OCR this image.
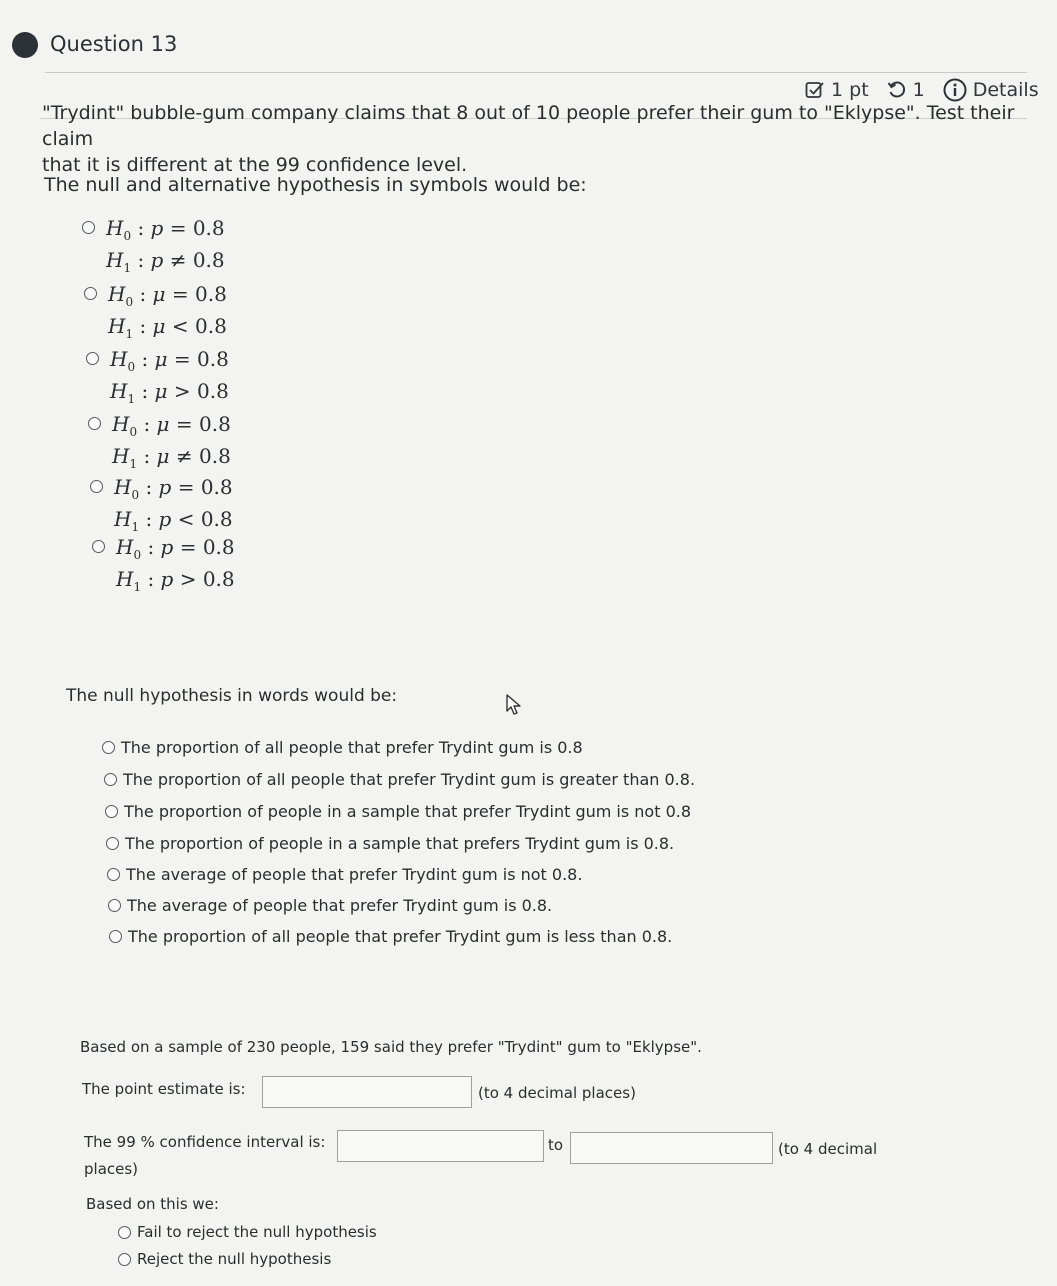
Question 13
1 pt 1	Details
"Trydint" bubble-gum company claims that 8 out of 10 people prefer their gum to "Eklypse". Test their claim
that it is different at the 99 confidence level.
The null and alternative hypothesis in symbols would be:
$H_0$ : p = 0.8
$H_1$ : p ≠ 0.8
$H_0$ : μ = 0.8
$H_1$ : μ < 0.8
$H_0$ : μ = 0.8
$H_1$ : μ > 0.8
$H_0$ : μ = 0.8
$H_1$ : μ ≠ 0.8
$H_0$ : p = 0.8
$H_1$ : p < 0.8
$H_0$ : p = 0.8
$H_1$ : p > 0.8
The null hypothesis in words would be:
The proportion of all people that prefer Trydint gum is 0.8
The proportion of all people that prefer Trydint gum is greater than 0.8.
The proportion of people in a sample that prefer Trydint gum is not 0.8
The proportion of people in a sample that prefers Trydint gum is 0.8.
The average of people that prefer Trydint gum is not 0.8.
The average of people that prefer Trydint gum is 0.8.
The proportion of all people that prefer Trydint gum is less than 0.8.
Based on a sample of 230 people, 159 said they prefer "Trydint" gum to "Eklypse".
The point estimate is:	(to 4 decimal places)
The 99 % confidence interval is:	to	(to 4 decimal
places)
Based on this we:
Fail to reject the null hypothesis
Reject the null hypothesis
